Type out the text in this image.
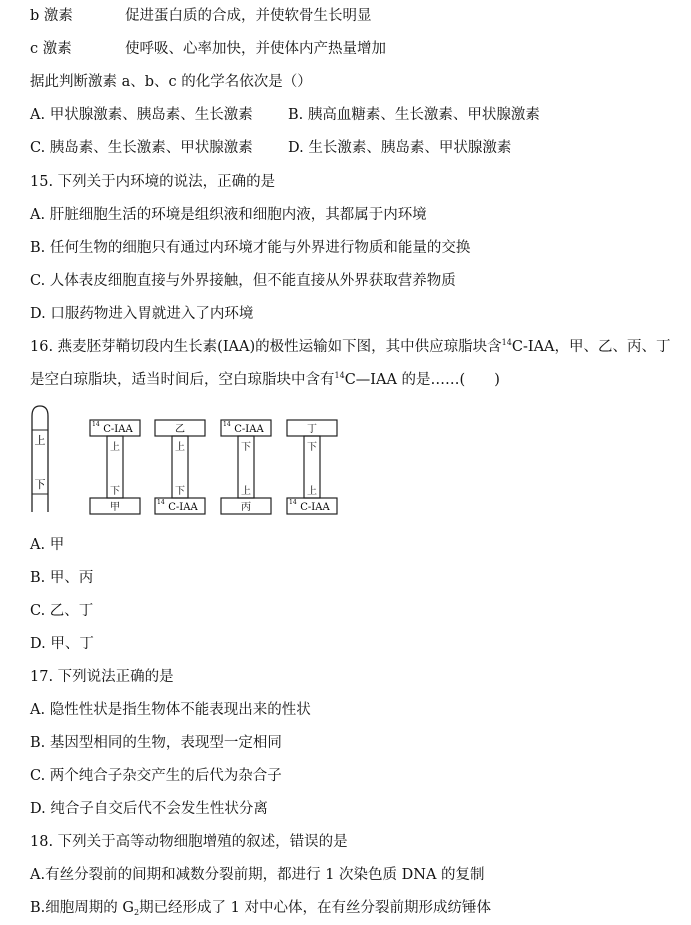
b 激素	促进蛋白质的合成，并使软骨生长明显
c 激素	使呼吸、心率加快，并使体内产热量增加
据此判断激素 a、b、c 的化学名依次是（）
A. 甲状腺激素、胰岛素、生长激素 B. 胰高血糖素、生长激素、甲状腺激素
C. 胰岛素、生长激素、甲状腺激素 D. 生长激素、胰岛素、甲状腺激素
15. 下列关于内环境的说法，正确的是
A. 肝脏细胞生活的环境是组织液和细胞内液，其都属于内环境
B. 任何生物的细胞只有通过内环境才能与外界进行物质和能量的交换
C. 人体表皮细胞直接与外界接触，但不能直接从外界获取营养物质
D. 口服药物进入胃就进入了内环境
16. 燕麦胚芽鞘切段内生长素(IAA)的极性运输如下图，其中供应琼脂块含$^{14}$C-IAA，甲、乙、丙、丁
是空白琼脂块，适当时间后，空白琼脂块中含有$^{14}$C—IAA 的是……(　　)
上
下
14 C-IAA
上
下
甲
乙
上
下
14 C-IAA
14 C-IAA
下
上
丙
丁
下
上
14 C-IAA
A. 甲
B. 甲、丙
C. 乙、丁
D. 甲、丁
17. 下列说法正确的是
A. 隐性性状是指生物体不能表现出来的性状
B. 基因型相同的生物，表现型一定相同
C. 两个纯合子杂交产生的后代为杂合子
D. 纯合子自交后代不会发生性状分离
18. 下列关于高等动物细胞增殖的叙述，错误的是
A.有丝分裂前的间期和减数分裂前期，都进行 1 次染色质 DNA 的复制
B.细胞周期的 $G_2$期已经形成了 1 对中心体，在有丝分裂前期形成纺锤体
